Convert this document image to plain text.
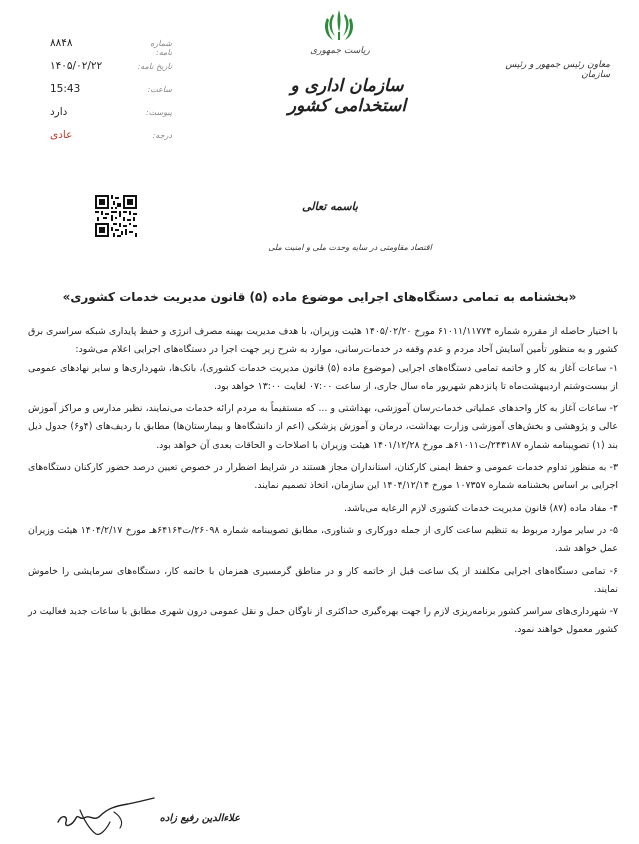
۸۸۴۸	شماره نامه:
۱۴۰۵/۰۲/۲۲	تاریخ نامه:
15:43	ساعت:
دارد	پیوست:
عادی	درجه:
ریاست جمهوری
سازمان اداری و استخدامی کشور
معاون رئیس جمهور و رئیس سازمان
باسمه تعالی
اقتصاد مقاومتی در سایه وحدت ملی و امنیت ملی
«بخشنامه به تمامی دستگاه‌های اجرایی موضوع ماده (۵) قانون مدیریت خدمات کشوری»

با اختیار حاصله از مقرره شماره ۶۱۰۱۱/۱۱۷۷۴ مورخ ۱۴۰۵/۰۲/۲۰ هئیت وزیران، با هدف مدیریت بهینه مصرف انرژی و حفظ پایداری شبکه سراسری برق کشور و به منظور تأمین آسایش آحاد مردم و عدم وقفه در خدمات‌رسانی، موارد به شرح زیر جهت اجرا در دستگاه‌های اجرایی اعلام می‌شود:

۱- ساعات آغاز به کار و خاتمه تمامی دستگاه‌های اجرایی (موضوع ماده (۵) قانون مدیریت خدمات کشوری)، بانک‌ها، شهرداری‌ها و سایر نهادهای عمومی از بیست‌وشتم اردیبهشت‌ماه تا پانزدهم شهریور ماه سال جاری، از ساعت ۰۷:۰۰ لغایت ۱۳:۰۰ خواهد بود.

۲- ساعات آغاز به کار واحدهای عملیاتی خدمات‌رسان آموزشی، بهداشتی و ... که مستقیماً به مردم ارائه خدمات می‌نمایند، نظیر مدارس و مراکز آموزش عالی و پژوهشی و بخش‌های آموزشی وزارت بهداشت، درمان و آموزش پزشکی (اعم از دانشگاه‌ها و بیمارستان‌ها) مطابق با ردیف‌های (۴و۶) جدول ذیل بند (۱) تصویبنامه شماره ۲۴۳۱۸۷/ت۶۱۰۱۱هـ مورخ ۱۴۰۱/۱۲/۲۸ هیئت وزیران با اصلاحات و الحاقات بعدی آن خواهد بود.

۳- به منظور تداوم خدمات عمومی و حفظ ایمنی کارکنان، استانداران مجاز هستند در شرایط اضطرار در خصوص تعیین درصد حضور کارکنان دستگاه‌های اجرایی بر اساس بخشنامه شماره ۱۰۷۳۵۷ مورخ ۱۴۰۴/۱۲/۱۴ این سازمان، اتخاذ تصمیم نمایند.

۴- مفاد ماده (۸۷) قانون مدیریت خدمات کشوری لازم الرعایه می‌باشد.

۵- در سایر موارد مربوط به تنظیم ساعت کاری از جمله دورکاری و شناوری، مطابق تصویبنامه شماره ۲۶۰۹۸/ت۶۴۱۶۴هـ مورخ ۱۴۰۴/۲/۱۷ هیئت وزیران عمل خواهد شد.

۶- تمامی دستگاه‌های اجرایی مکلفند از یک ساعت قبل از خاتمه کار و در مناطق گرمسیری همزمان با خاتمه کار، دستگاه‌های سرمایشی را خاموش نمایند.

۷- شهرداری‌های سراسر کشور برنامه‌ریزی لازم را جهت بهره‌گیری حداکثری از ناوگان حمل و نقل عمومی درون شهری مطابق با ساعات جدید فعالیت در کشور معمول خواهند نمود.

علاءالدین رفیع زاده
